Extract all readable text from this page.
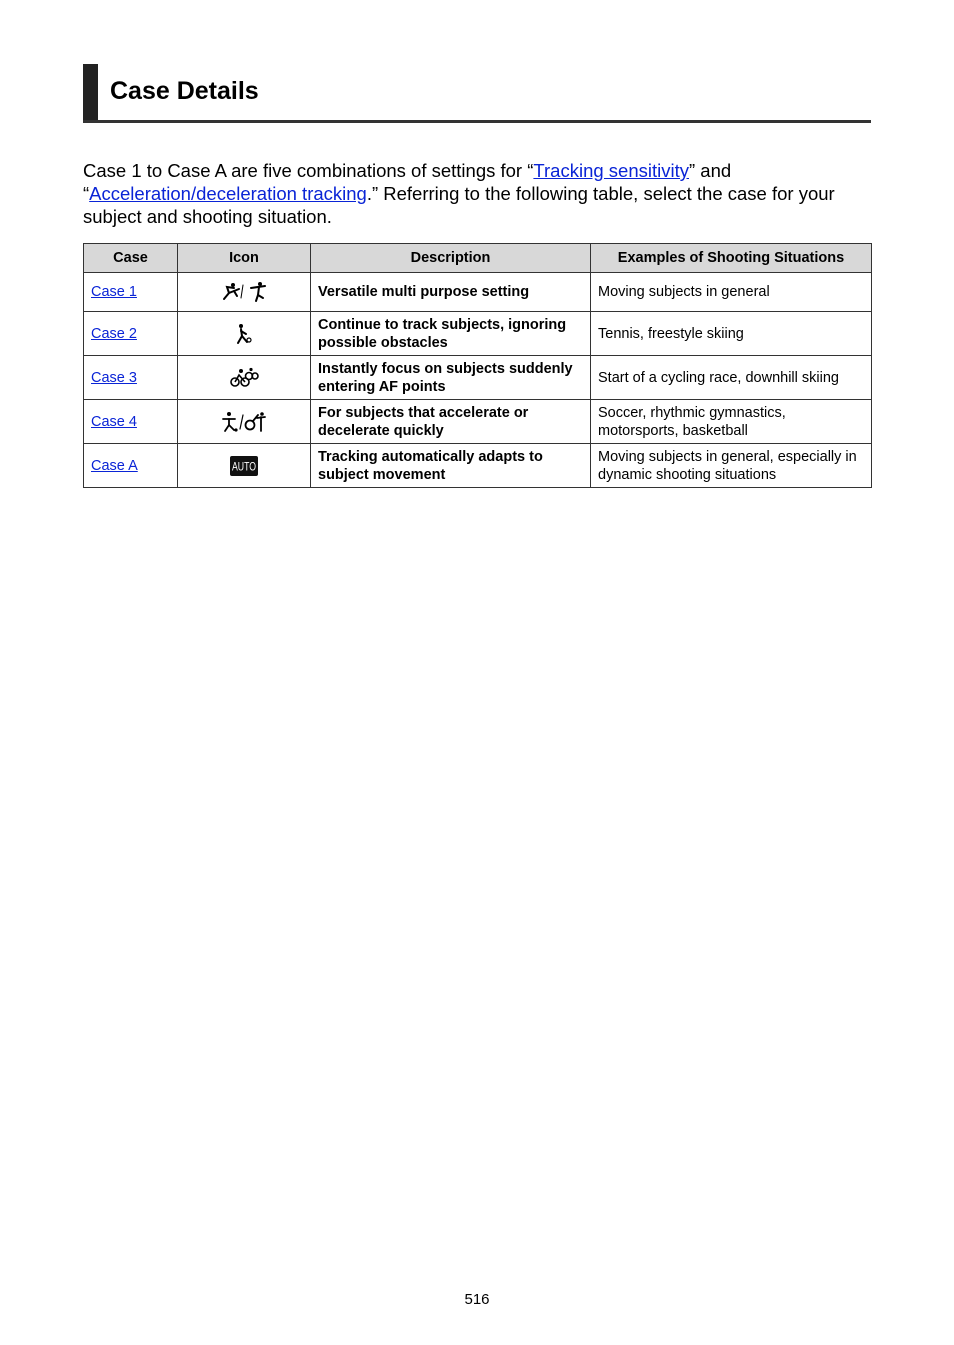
Case Details

Case 1 to Case A are five combinations of settings for “Tracking sensitivity” and “Acceleration/deceleration tracking.” Referring to the following table, select the case for your subject and shooting situation.

Case	Icon	Description	Examples of Shooting Situations
Case 1		Versatile multi purpose setting	Moving subjects in general
Case 2		Continue to track subjects, ignoring possible obstacles	Tennis, freestyle skiing
Case 3		Instantly focus on subjects suddenly entering AF points	Start of a cycling race, downhill skiing
Case 4		For subjects that accelerate or decelerate quickly	Soccer, rhythmic gymnastics, motorsports, basketball
Case A	AUTO	Tracking automatically adapts to subject movement	Moving subjects in general, especially in dynamic shooting situations
516
